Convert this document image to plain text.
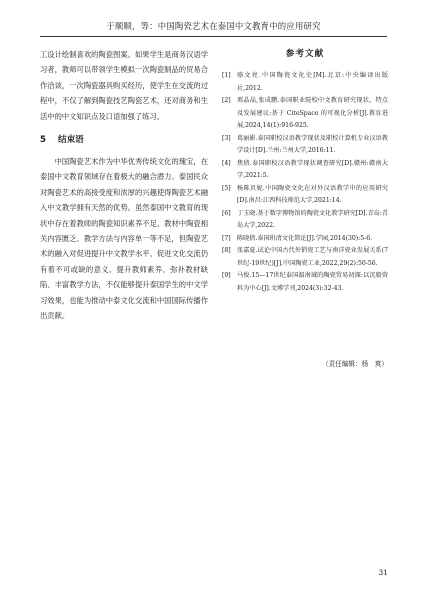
于顺顺，等：中国陶瓷艺术在泰国中文教育中的应用研究

工设计绘制喜欢的陶瓷图案。如果学生是商务汉语学习者，教师可以带领学生模拟一次陶瓷制品的贸易合作洽谈，一次陶瓷器具购买经历，使学生在交流的过程中，不仅了解到陶瓷技艺陶瓷艺术，还对商务和生活中的中文知识点及口语加强了练习。

5 结束语

中国陶瓷艺术作为中华优秀传统文化的瑰宝，在泰国中文教育领域存在着极大的融合潜力。泰国民众对陶瓷艺术的高接受度和浓厚的兴趣使得陶瓷艺术融入中文教学拥有天然的优势。虽然泰国中文教育的现状中存在着教师的陶瓷知识素养不足、教材中陶瓷相关内容匮乏、教学方法与内容单一等不足，但陶瓷艺术的融入对促进提升中文教学水平、促进文化交流仍有着不可或缺的意义。提升教师素养、弥补教材缺陷、丰富教学方法，不仅能够提升泰国学生的中文学习效果，也能为推动中泰文化交流和中国国际传播作出贡献。

参考文献
[1] 骆文亮.中国陶瓷文化史[M].北京:中央编译出版社,2012.
[2] 邢晶晶,张成鹏.泰国职业院校中文教育研究现状、特点及发展建议:基于 CiteSpace 的可视化分析[J].教育进展,2024,14(1):916-925.
[3] 葛丽影.泰国职校汉语教学现状及职校计算机专业汉语教学设计[D].兰州:兰州大学,2016:11.
[4] 焦倩.泰国职校汉语教学现状调查研究[D].赣州:赣南大学,2021:5.
[5] 杨陈贝妮.中国陶瓷文化在对外汉语教学中的应用研究[D].南昌:江西科技师范大学,2021:14.
[6] 丁玉晓.基于数字博物馆的陶瓷文化教学研究[D].青岛:青岛大学,2022.
[7] 陈晓倩.泰国班清文化简论[J].学园,2014(30):5-6.
[8] 张嘉夏.试论中国古代外销瓷工艺与南洋瓷业发展关系(7世纪-19世纪)[J].中国陶瓷工业,2022,29(2):50-56.
[9] 马俊.15—17世纪泰国湄南域的陶瓷贸易初探:以沉船资料为中心[J].文博学刊,2024(3):32-43.
（责任编辑：杨　爽）
31
